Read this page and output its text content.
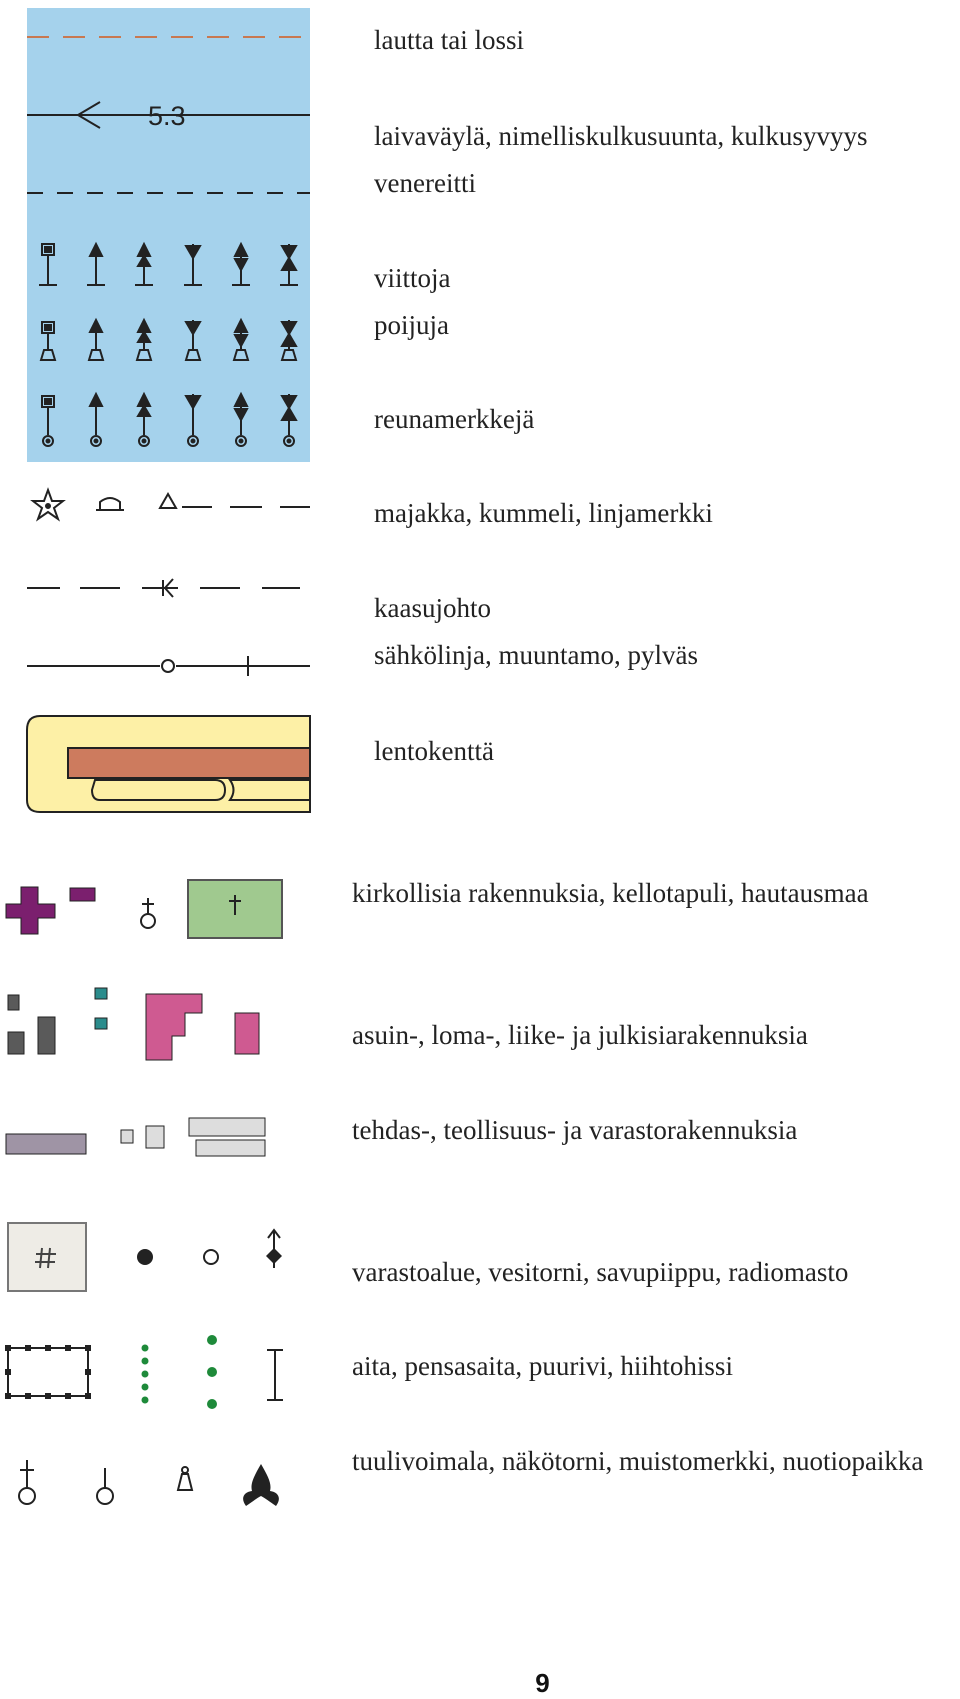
5.3
lautta tai lossi
laivaväylä, nimelliskulkusuunta, kulkusyvyys
venereitti
viittoja
poijuja
reunamerkkejä
majakka, kummeli, linjamerkki
kaasujohto
sähkölinja, muuntamo, pylväs
lentokenttä
kirkollisia rakennuksia, kellotapuli, hautausmaa
asuin-, loma-, liike- ja julkisiarakennuksia
tehdas-, teollisuus- ja varastorakennuksia
varastoalue, vesitorni, savupiippu, radiomasto
aita, pensasaita, puurivi, hiihtohissi
tuulivoimala, näkötorni, muistomerkki, nuotiopaikka
9
